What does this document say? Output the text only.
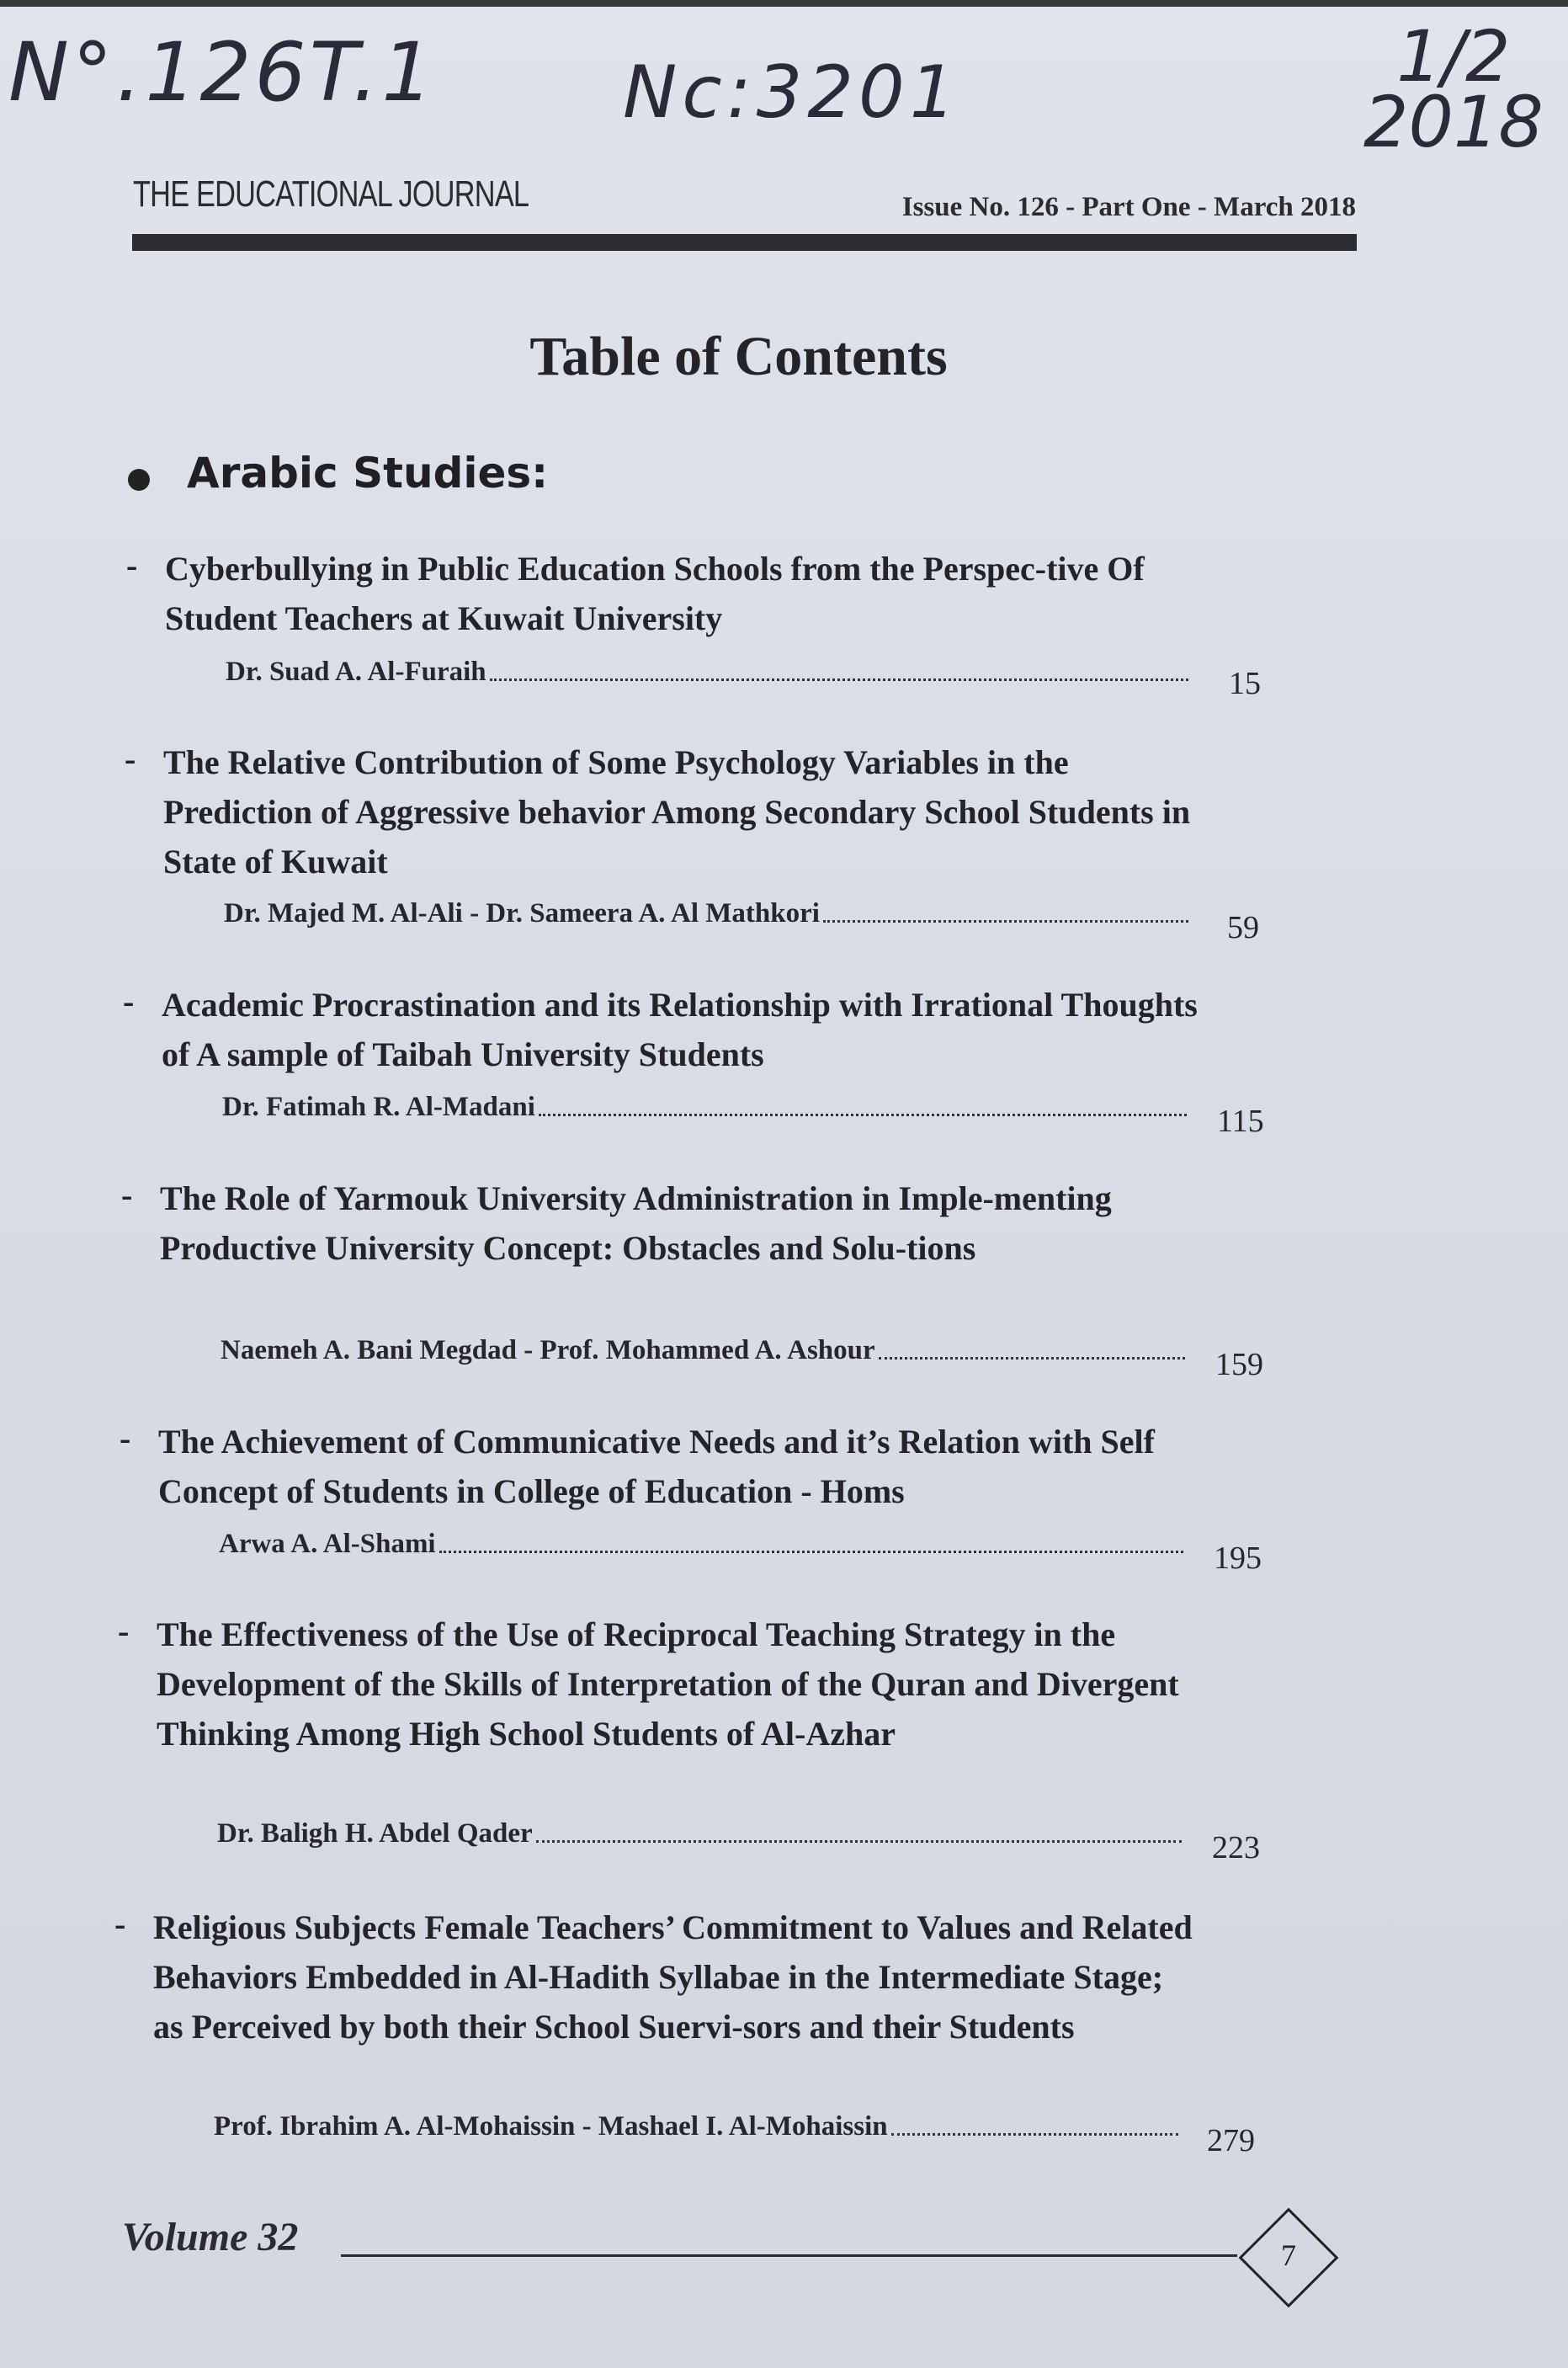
N°.126T.1	Nc:3201	1/2
2018
THE EDUCATIONAL JOURNAL	Issue No. 126 - Part One - March 2018
Table of Contents
Arabic Studies:
- Cyberbullying in Public Education Schools from the Perspec-tive Of Student Teachers at Kuwait University
Dr. Suad A. Al-Furaih	15
- The Relative Contribution of Some Psychology Variables in the Prediction of Aggressive behavior Among Secondary School Students in State of Kuwait
Dr. Majed M. Al-Ali - Dr. Sameera A. Al Mathkori	59
- Academic Procrastination and its Relationship with Irrational Thoughts of A sample of Taibah University Students
Dr. Fatimah R. Al-Madani	115
- The Role of Yarmouk University Administration in Imple-menting Productive University Concept: Obstacles and Solu-tions
Naemeh A. Bani Megdad - Prof. Mohammed A. Ashour	159
- The Achievement of Communicative Needs and it’s Relation with Self Concept of Students in College of Education - Homs
Arwa A. Al-Shami	195
- The Effectiveness of the Use of Reciprocal Teaching Strategy in the Development of the Skills of Interpretation of the Quran and Divergent Thinking Among High School Students of Al-Azhar
Dr. Baligh H. Abdel Qader	223
- Religious Subjects Female Teachers’ Commitment to Values and Related Behaviors Embedded in Al-Hadith Syllabae in the Intermediate Stage; as Perceived by both their School Suervi-sors and their Students
Prof. Ibrahim A. Al-Mohaissin - Mashael I. Al-Mohaissin	279
Volume 32	7
